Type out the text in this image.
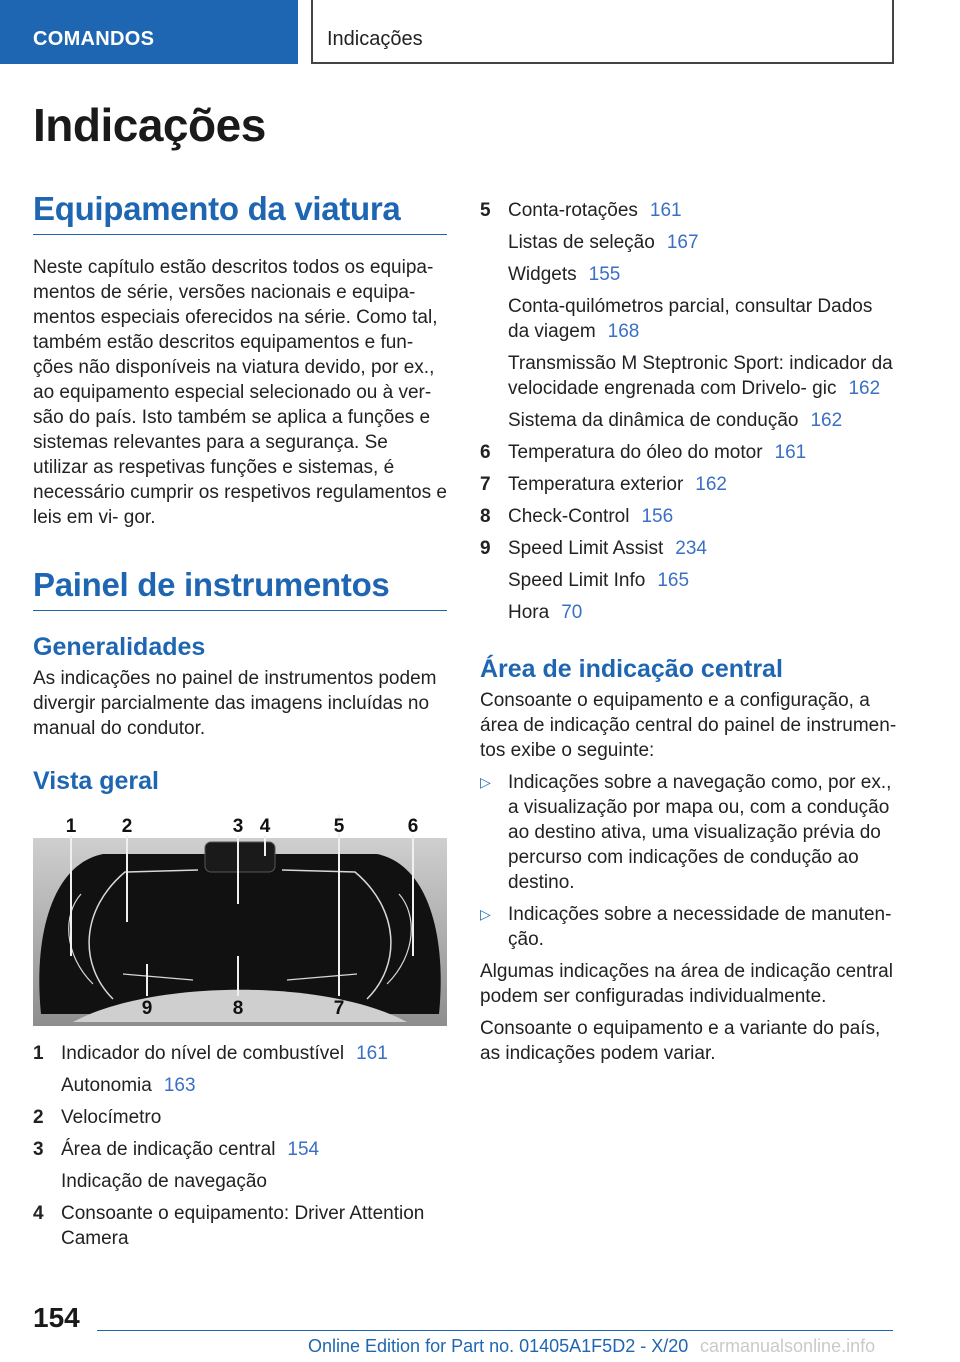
COMANDOS	Indicações
Indicações
Equipamento da viatura

Neste capítulo estão descritos todos os equipa- mentos de série, versões nacionais e equipa- mentos especiais oferecidos na série. Como tal, também estão descritos equipamentos e fun- ções não disponíveis na viatura devido, por ex., ao equipamento especial selecionado ou à ver- são do país. Isto também se aplica a funções e sistemas relevantes para a segurança. Se utilizar as respetivas funções e sistemas, é necessário cumprir os respetivos regulamentos e leis em vi- gor.

Painel de instrumentos
Generalidades

As indicações no painel de instrumentos podem divergir parcialmente das imagens incluídas no manual do condutor.

Vista geral
1 2	3 4	5	6
7
8
9
1 Indicador do nível de combustível 161
Autonomia 163
2 Velocímetro
3 Área de indicação central 154
Indicação de navegação
4 Consoante o equipamento: Driver Attention Camera
5 Conta-rotações 161
Listas de seleção 167
Widgets 155
Conta-quilómetros parcial, consultar Dados da viagem 168
Transmissão M Steptronic Sport: indicador da velocidade engrenada com Drivelo- gic 162
Sistema da dinâmica de condução 162
6 Temperatura do óleo do motor 161
7 Temperatura exterior 162
8 Check-Control 156
9 Speed Limit Assist 234
Speed Limit Info 165
Hora 70
Área de indicação central

Consoante o equipamento e a configuração, a área de indicação central do painel de instrumen- tos exibe o seguinte:

▷ Indicações sobre a navegação como, por ex., a visualização por mapa ou, com a condução ao destino ativa, uma visualização prévia do percurso com indicações de condução ao destino.
▷ Indicações sobre a necessidade de manuten- ção.

Algumas indicações na área de indicação central podem ser configuradas individualmente.

Consoante o equipamento e a variante do país, as indicações podem variar.

154
Online Edition for Part no. 01405A1F5D2 - X/20 carmanualsonline.info
